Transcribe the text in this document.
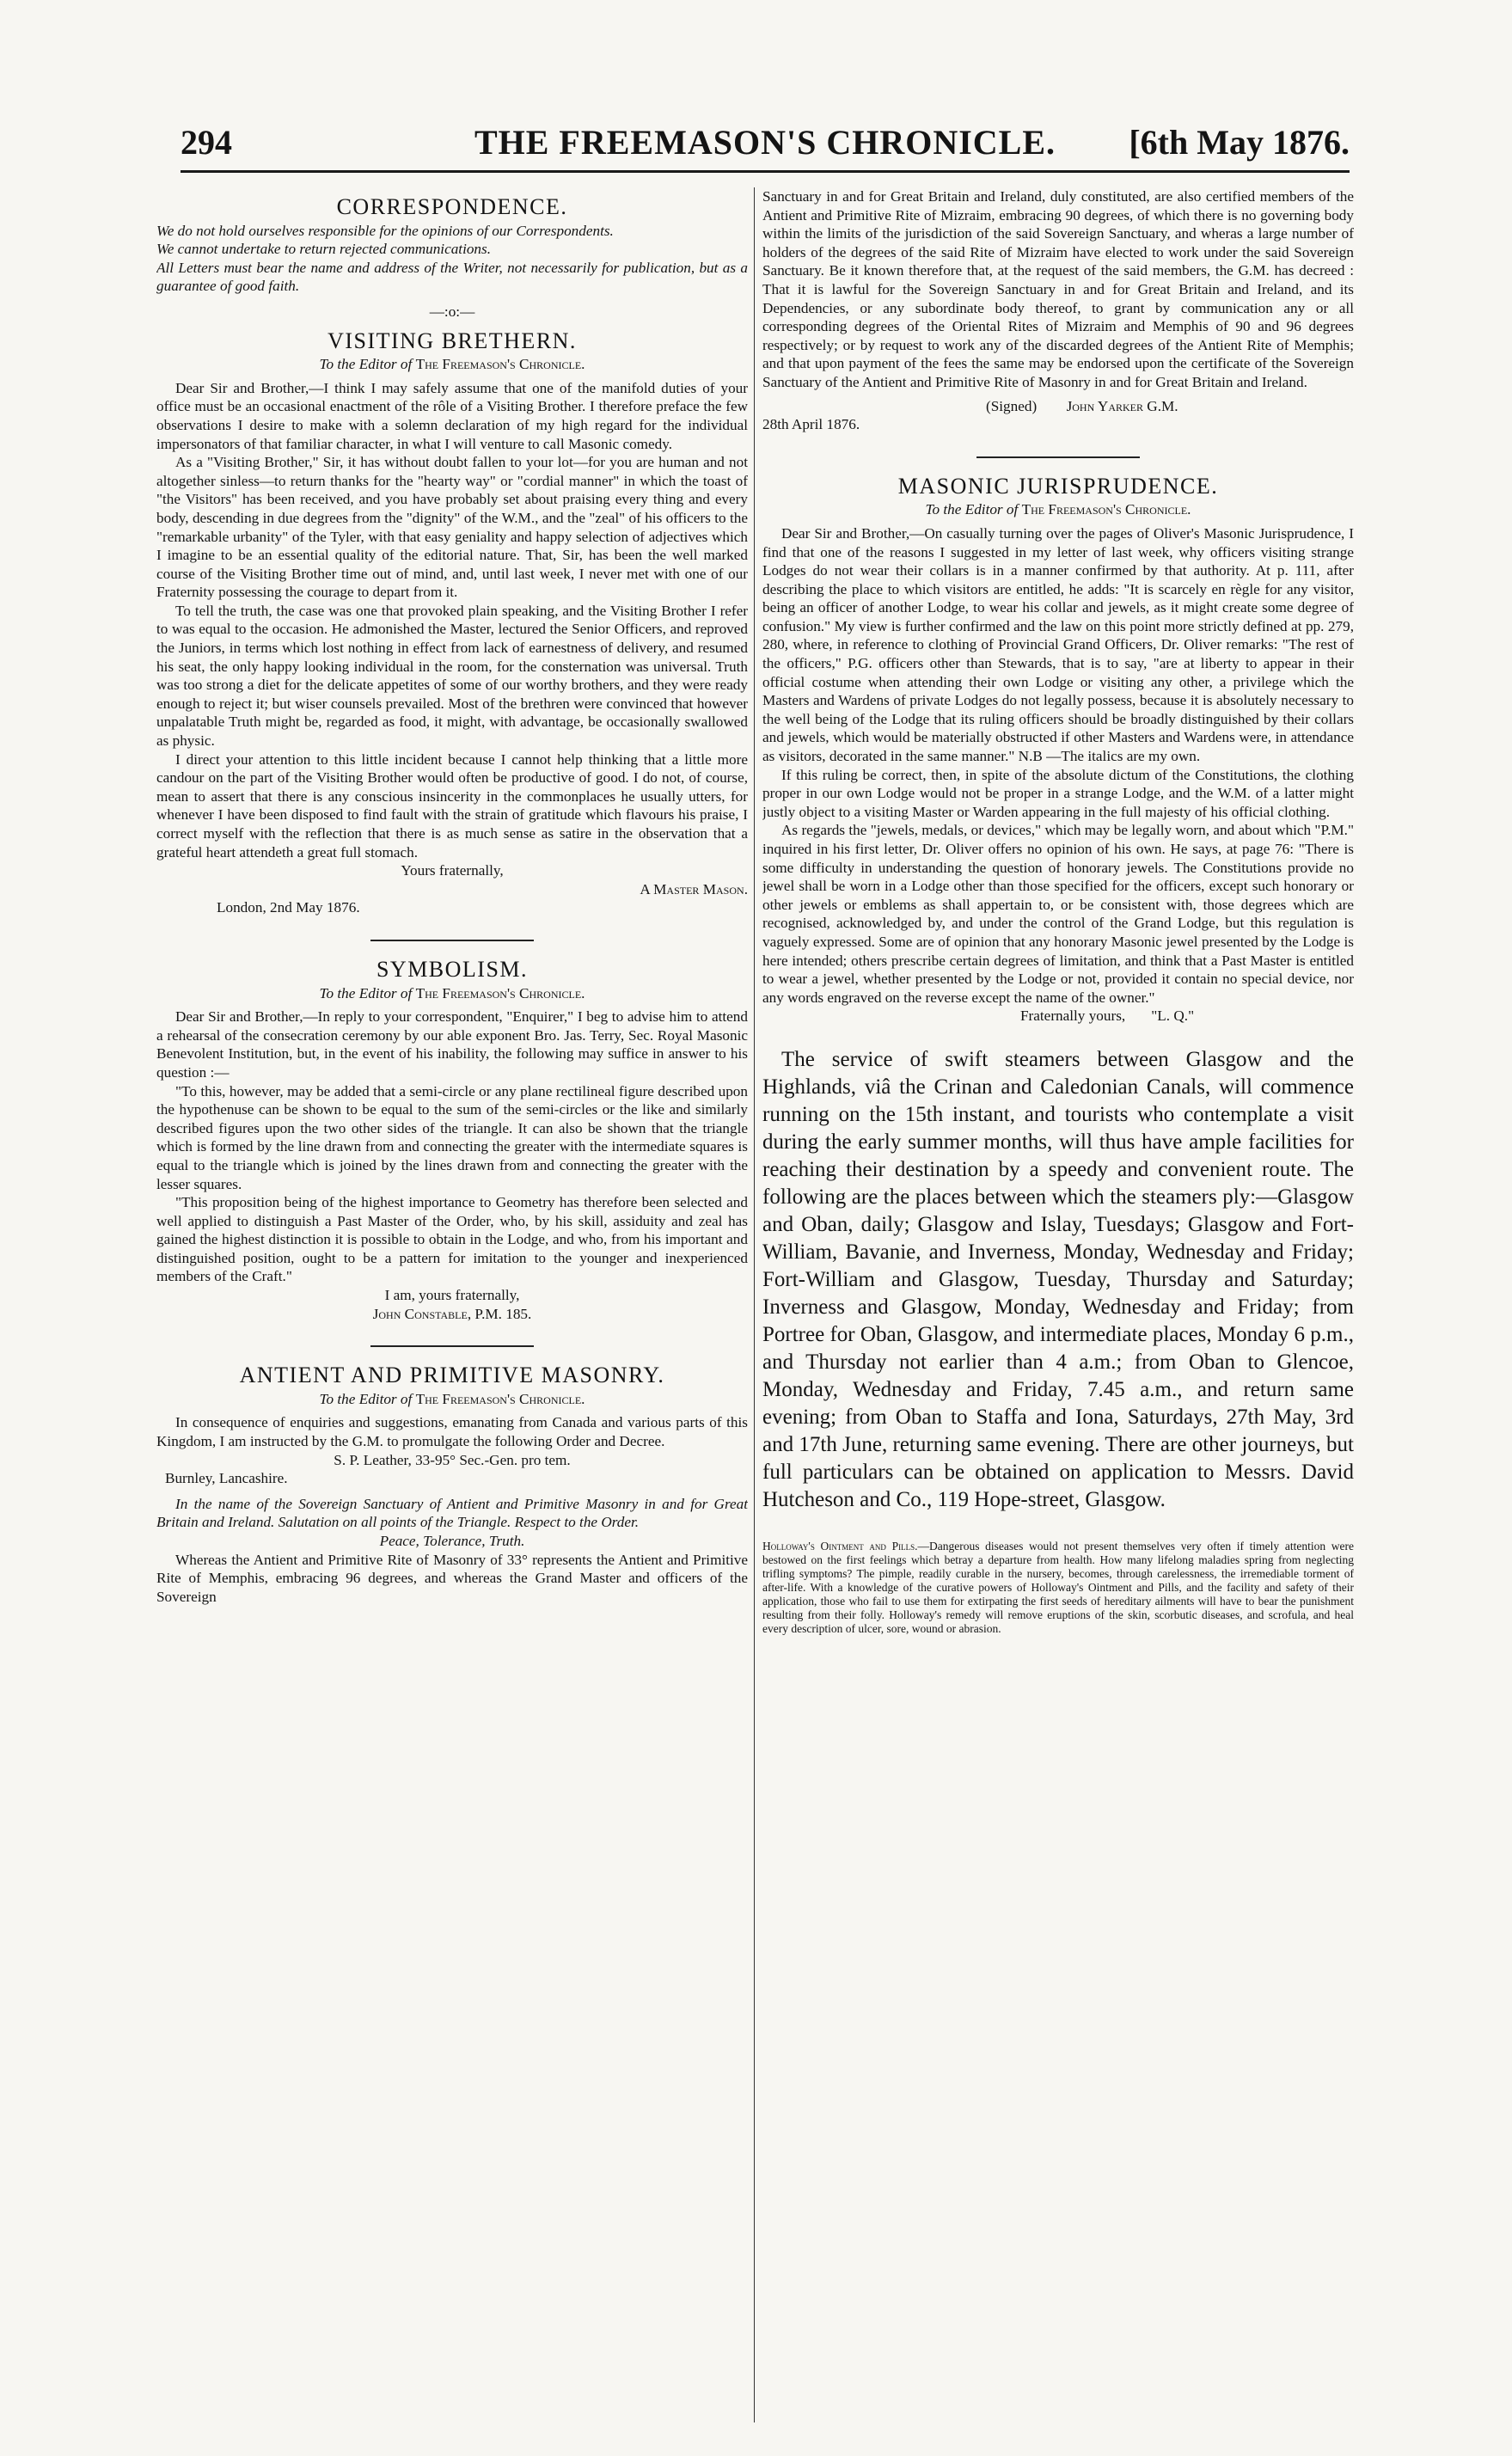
294	THE FREEMASON'S CHRONICLE.	[6th May 1876.
CORRESPONDENCE.

We do not hold ourselves responsible for the opinions of our Correspondents.

We cannot undertake to return rejected communications.

All Letters must bear the name and address of the Writer, not necessarily for publication, but as a guarantee of good faith.

—:o:—
VISITING BRETHERN.
To the Editor of The Freemason's Chronicle.

Dear Sir and Brother,—I think I may safely assume that one of the manifold duties of your office must be an occasional enactment of the rôle of a Visiting Brother. I therefore preface the few observations I desire to make with a solemn declaration of my high regard for the individual impersonators of that familiar character, in what I will venture to call Masonic comedy.

As a "Visiting Brother," Sir, it has without doubt fallen to your lot—for you are human and not altogether sinless—to return thanks for the "hearty way" or "cordial manner" in which the toast of "the Visitors" has been received, and you have probably set about praising every thing and every body, descending in due degrees from the "dignity" of the W.M., and the "zeal" of his officers to the "remarkable urbanity" of the Tyler, with that easy geniality and happy selection of adjectives which I imagine to be an essential quality of the editorial nature. That, Sir, has been the well marked course of the Visiting Brother time out of mind, and, until last week, I never met with one of our Fraternity possessing the courage to depart from it.

To tell the truth, the case was one that provoked plain speaking, and the Visiting Brother I refer to was equal to the occasion. He admonished the Master, lectured the Senior Officers, and reproved the Juniors, in terms which lost nothing in effect from lack of earnestness of delivery, and resumed his seat, the only happy looking individual in the room, for the consternation was universal. Truth was too strong a diet for the delicate appetites of some of our worthy brothers, and they were ready enough to reject it; but wiser counsels prevailed. Most of the brethren were convinced that however unpalatable Truth might be, regarded as food, it might, with advantage, be occasionally swallowed as physic.

I direct your attention to this little incident because I cannot help thinking that a little more candour on the part of the Visiting Brother would often be productive of good. I do not, of course, mean to assert that there is any conscious insincerity in the commonplaces he usually utters, for whenever I have been disposed to find fault with the strain of gratitude which flavours his praise, I correct myself with the reflection that there is as much sense as satire in the observation that a grateful heart attendeth a great full stomach.

Yours fraternally,
A Master Mason.
London, 2nd May 1876.
SYMBOLISM.
To the Editor of The Freemason's Chronicle.

Dear Sir and Brother,—In reply to your correspondent, "Enquirer," I beg to advise him to attend a rehearsal of the consecration ceremony by our able exponent Bro. Jas. Terry, Sec. Royal Masonic Benevolent Institution, but, in the event of his inability, the following may suffice in answer to his question :—

"To this, however, may be added that a semi-circle or any plane rectilineal figure described upon the hypothenuse can be shown to be equal to the sum of the semi-circles or the like and similarly described figures upon the two other sides of the triangle. It can also be shown that the triangle which is formed by the line drawn from and connecting the greater with the intermediate squares is equal to the triangle which is joined by the lines drawn from and connecting the greater with the lesser squares.

"This proposition being of the highest importance to Geometry has therefore been selected and well applied to distinguish a Past Master of the Order, who, by his skill, assiduity and zeal has gained the highest distinction it is possible to obtain in the Lodge, and who, from his important and distinguished position, ought to be a pattern for imitation to the younger and inexperienced members of the Craft."

I am, yours fraternally,
John Constable, P.M. 185.
ANTIENT AND PRIMITIVE MASONRY.
To the Editor of The Freemason's Chronicle.

In consequence of enquiries and suggestions, emanating from Canada and various parts of this Kingdom, I am instructed by the G.M. to promulgate the following Order and Decree.

S. P. Leather, 33-95° Sec.-Gen. pro tem.
Burnley, Lancashire.

In the name of the Sovereign Sanctuary of Antient and Primitive Masonry in and for Great Britain and Ireland. Salutation on all points of the Triangle. Respect to the Order.

Peace, Tolerance, Truth.

Whereas the Antient and Primitive Rite of Masonry of 33° represents the Antient and Primitive Rite of Memphis, embracing 96 degrees, and whereas the Grand Master and officers of the Sovereign

Sanctuary in and for Great Britain and Ireland, duly constituted, are also certified members of the Antient and Primitive Rite of Mizraim, embracing 90 degrees, of which there is no governing body within the limits of the jurisdiction of the said Sovereign Sanctuary, and wheras a large number of holders of the degrees of the said Rite of Mizraim have elected to work under the said Sovereign Sanctuary. Be it known therefore that, at the request of the said members, the G.M. has decreed : That it is lawful for the Sovereign Sanctuary in and for Great Britain and Ireland, and its Dependencies, or any subordinate body thereof, to grant by communication any or all corresponding degrees of the Oriental Rites of Mizraim and Memphis of 90 and 96 degrees respectively; or by request to work any of the discarded degrees of the Antient Rite of Memphis; and that upon payment of the fees the same may be endorsed upon the certificate of the Sovereign Sanctuary of the Antient and Primitive Rite of Masonry in and for Great Britain and Ireland.

(Signed) John Yarker G.M.
28th April 1876.
MASONIC JURISPRUDENCE.
To the Editor of The Freemason's Chronicle.

Dear Sir and Brother,—On casually turning over the pages of Oliver's Masonic Jurisprudence, I find that one of the reasons I suggested in my letter of last week, why officers visiting strange Lodges do not wear their collars is in a manner confirmed by that authority. At p. 111, after describing the place to which visitors are entitled, he adds: "It is scarcely en règle for any visitor, being an officer of another Lodge, to wear his collar and jewels, as it might create some degree of confusion." My view is further confirmed and the law on this point more strictly defined at pp. 279, 280, where, in reference to clothing of Provincial Grand Officers, Dr. Oliver remarks: "The rest of the officers," P.G. officers other than Stewards, that is to say, "are at liberty to appear in their official costume when attending their own Lodge or visiting any other, a privilege which the Masters and Wardens of private Lodges do not legally possess, because it is absolutely necessary to the well being of the Lodge that its ruling officers should be broadly distinguished by their collars and jewels, which would be materially obstructed if other Masters and Wardens were, in attendance as visitors, decorated in the same manner." N.B —The italics are my own.

If this ruling be correct, then, in spite of the absolute dictum of the Constitutions, the clothing proper in our own Lodge would not be proper in a strange Lodge, and the W.M. of a latter might justly object to a visiting Master or Warden appearing in the full majesty of his official clothing.

As regards the "jewels, medals, or devices," which may be legally worn, and about which "P.M." inquired in his first letter, Dr. Oliver offers no opinion of his own. He says, at page 76: "There is some difficulty in understanding the question of honorary jewels. The Constitutions provide no jewel shall be worn in a Lodge other than those specified for the officers, except such honorary or other jewels or emblems as shall appertain to, or be consistent with, those degrees which are recognised, acknowledged by, and under the control of the Grand Lodge, but this regulation is vaguely expressed. Some are of opinion that any honorary Masonic jewel presented by the Lodge is here intended; others prescribe certain degrees of limitation, and think that a Past Master is entitled to wear a jewel, whether presented by the Lodge or not, provided it contain no special device, nor any words engraved on the reverse except the name of the owner."

Fraternally yours, "L. Q."

The service of swift steamers between Glasgow and the Highlands, viâ the Crinan and Caledonian Canals, will commence running on the 15th instant, and tourists who contemplate a visit during the early summer months, will thus have ample facilities for reaching their destination by a speedy and convenient route. The following are the places between which the steamers ply:—Glasgow and Oban, daily; Glasgow and Islay, Tuesdays; Glasgow and Fort-William, Bavanie, and Inverness, Monday, Wednesday and Friday; Fort-William and Glasgow, Tuesday, Thursday and Saturday; Inverness and Glasgow, Monday, Wednesday and Friday; from Portree for Oban, Glasgow, and intermediate places, Monday 6 p.m., and Thursday not earlier than 4 a.m.; from Oban to Glencoe, Monday, Wednesday and Friday, 7.45 a.m., and return same evening; from Oban to Staffa and Iona, Saturdays, 27th May, 3rd and 17th June, returning same evening. There are other journeys, but full particulars can be obtained on application to Messrs. David Hutcheson and Co., 119 Hope-street, Glasgow.

Holloway's Ointment and Pills.—Dangerous diseases would not present themselves very often if timely attention were bestowed on the first feelings which betray a departure from health. How many lifelong maladies spring from neglecting trifling symptoms? The pimple, readily curable in the nursery, becomes, through carelessness, the irremediable torment of after-life. With a knowledge of the curative powers of Holloway's Ointment and Pills, and the facility and safety of their application, those who fail to use them for extirpating the first seeds of hereditary ailments will have to bear the punishment resulting from their folly. Holloway's remedy will remove eruptions of the skin, scorbutic diseases, and scrofula, and heal every description of ulcer, sore, wound or abrasion.
